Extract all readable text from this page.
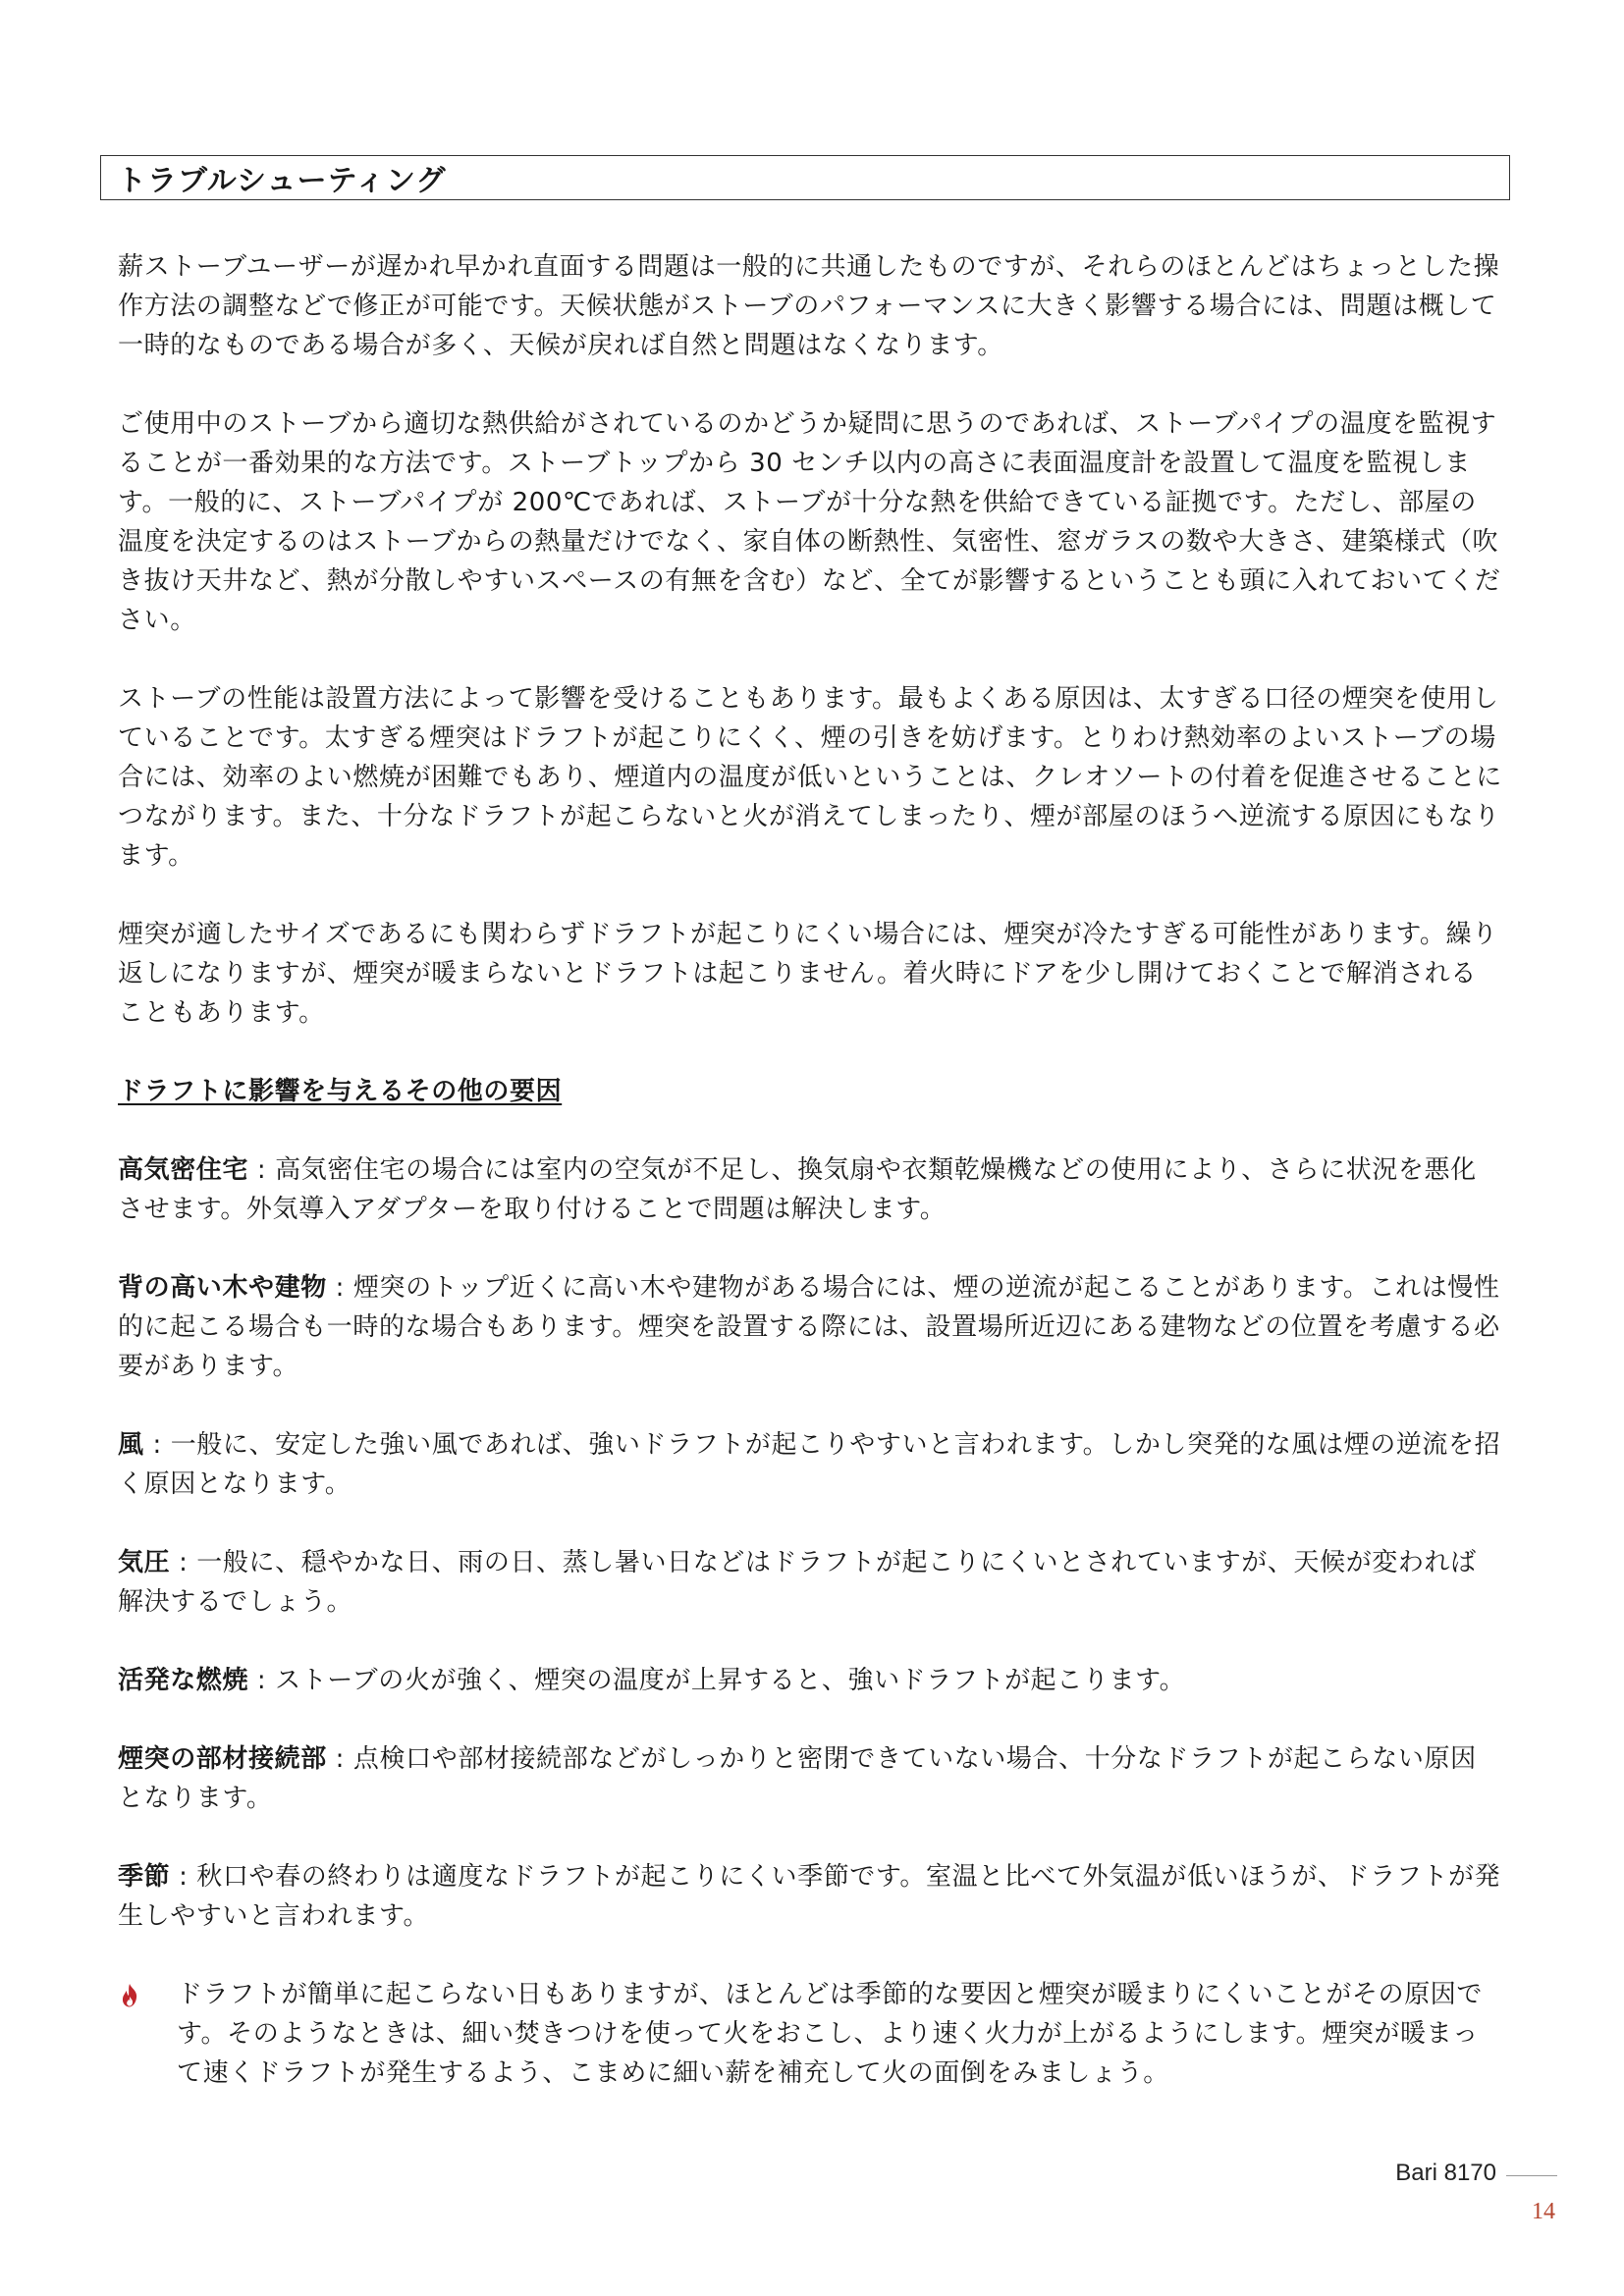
トラブルシューティング

薪ストーブユーザーが遅かれ早かれ直面する問題は一般的に共通したものですが、それらのほとんどはちょっとした操作方法の調整などで修正が可能です。天候状態がストーブのパフォーマンスに大きく影響する場合には、問題は概して一時的なものである場合が多く、天候が戻れば自然と問題はなくなります。

ご使用中のストーブから適切な熱供給がされているのかどうか疑問に思うのであれば、ストーブパイプの温度を監視することが一番効果的な方法です。ストーブトップから 30 センチ以内の高さに表面温度計を設置して温度を監視します。一般的に、ストーブパイプが 200℃であれば、ストーブが十分な熱を供給できている証拠です。ただし、部屋の温度を決定するのはストーブからの熱量だけでなく、家自体の断熱性、気密性、窓ガラスの数や大きさ、建築様式（吹き抜け天井など、熱が分散しやすいスペースの有無を含む）など、全てが影響するということも頭に入れておいてください。

ストーブの性能は設置方法によって影響を受けることもあります。最もよくある原因は、太すぎる口径の煙突を使用していることです。太すぎる煙突はドラフトが起こりにくく、煙の引きを妨げます。とりわけ熱効率のよいストーブの場合には、効率のよい燃焼が困難でもあり、煙道内の温度が低いということは、クレオソートの付着を促進させることにつながります。また、十分なドラフトが起こらないと火が消えてしまったり、煙が部屋のほうへ逆流する原因にもなります。

煙突が適したサイズであるにも関わらずドラフトが起こりにくい場合には、煙突が冷たすぎる可能性があります。繰り返しになりますが、煙突が暖まらないとドラフトは起こりません。着火時にドアを少し開けておくことで解消されることもあります。

ドラフトに影響を与えるその他の要因

高気密住宅 : 高気密住宅の場合には室内の空気が不足し、換気扇や衣類乾燥機などの使用により、さらに状況を悪化させます。外気導入アダプターを取り付けることで問題は解決します。

背の高い木や建物 : 煙突のトップ近くに高い木や建物がある場合には、煙の逆流が起こることがあります。これは慢性的に起こる場合も一時的な場合もあります。煙突を設置する際には、設置場所近辺にある建物などの位置を考慮する必要があります。

風 : 一般に、安定した強い風であれば、強いドラフトが起こりやすいと言われます。しかし突発的な風は煙の逆流を招く原因となります。

気圧 : 一般に、穏やかな日、雨の日、蒸し暑い日などはドラフトが起こりにくいとされていますが、天候が変われば解決するでしょう。

活発な燃焼 : ストーブの火が強く、煙突の温度が上昇すると、強いドラフトが起こります。

煙突の部材接続部 : 点検口や部材接続部などがしっかりと密閉できていない場合、十分なドラフトが起こらない原因となります。

季節 : 秋口や春の終わりは適度なドラフトが起こりにくい季節です。室温と比べて外気温が低いほうが、ドラフトが発生しやすいと言われます。

ドラフトが簡単に起こらない日もありますが、ほとんどは季節的な要因と煙突が暖まりにくいことがその原因です。そのようなときは、細い焚きつけを使って火をおこし、より速く火力が上がるようにします。煙突が暖まって速くドラフトが発生するよう、こまめに細い薪を補充して火の面倒をみましょう。
Bari 8170
14
